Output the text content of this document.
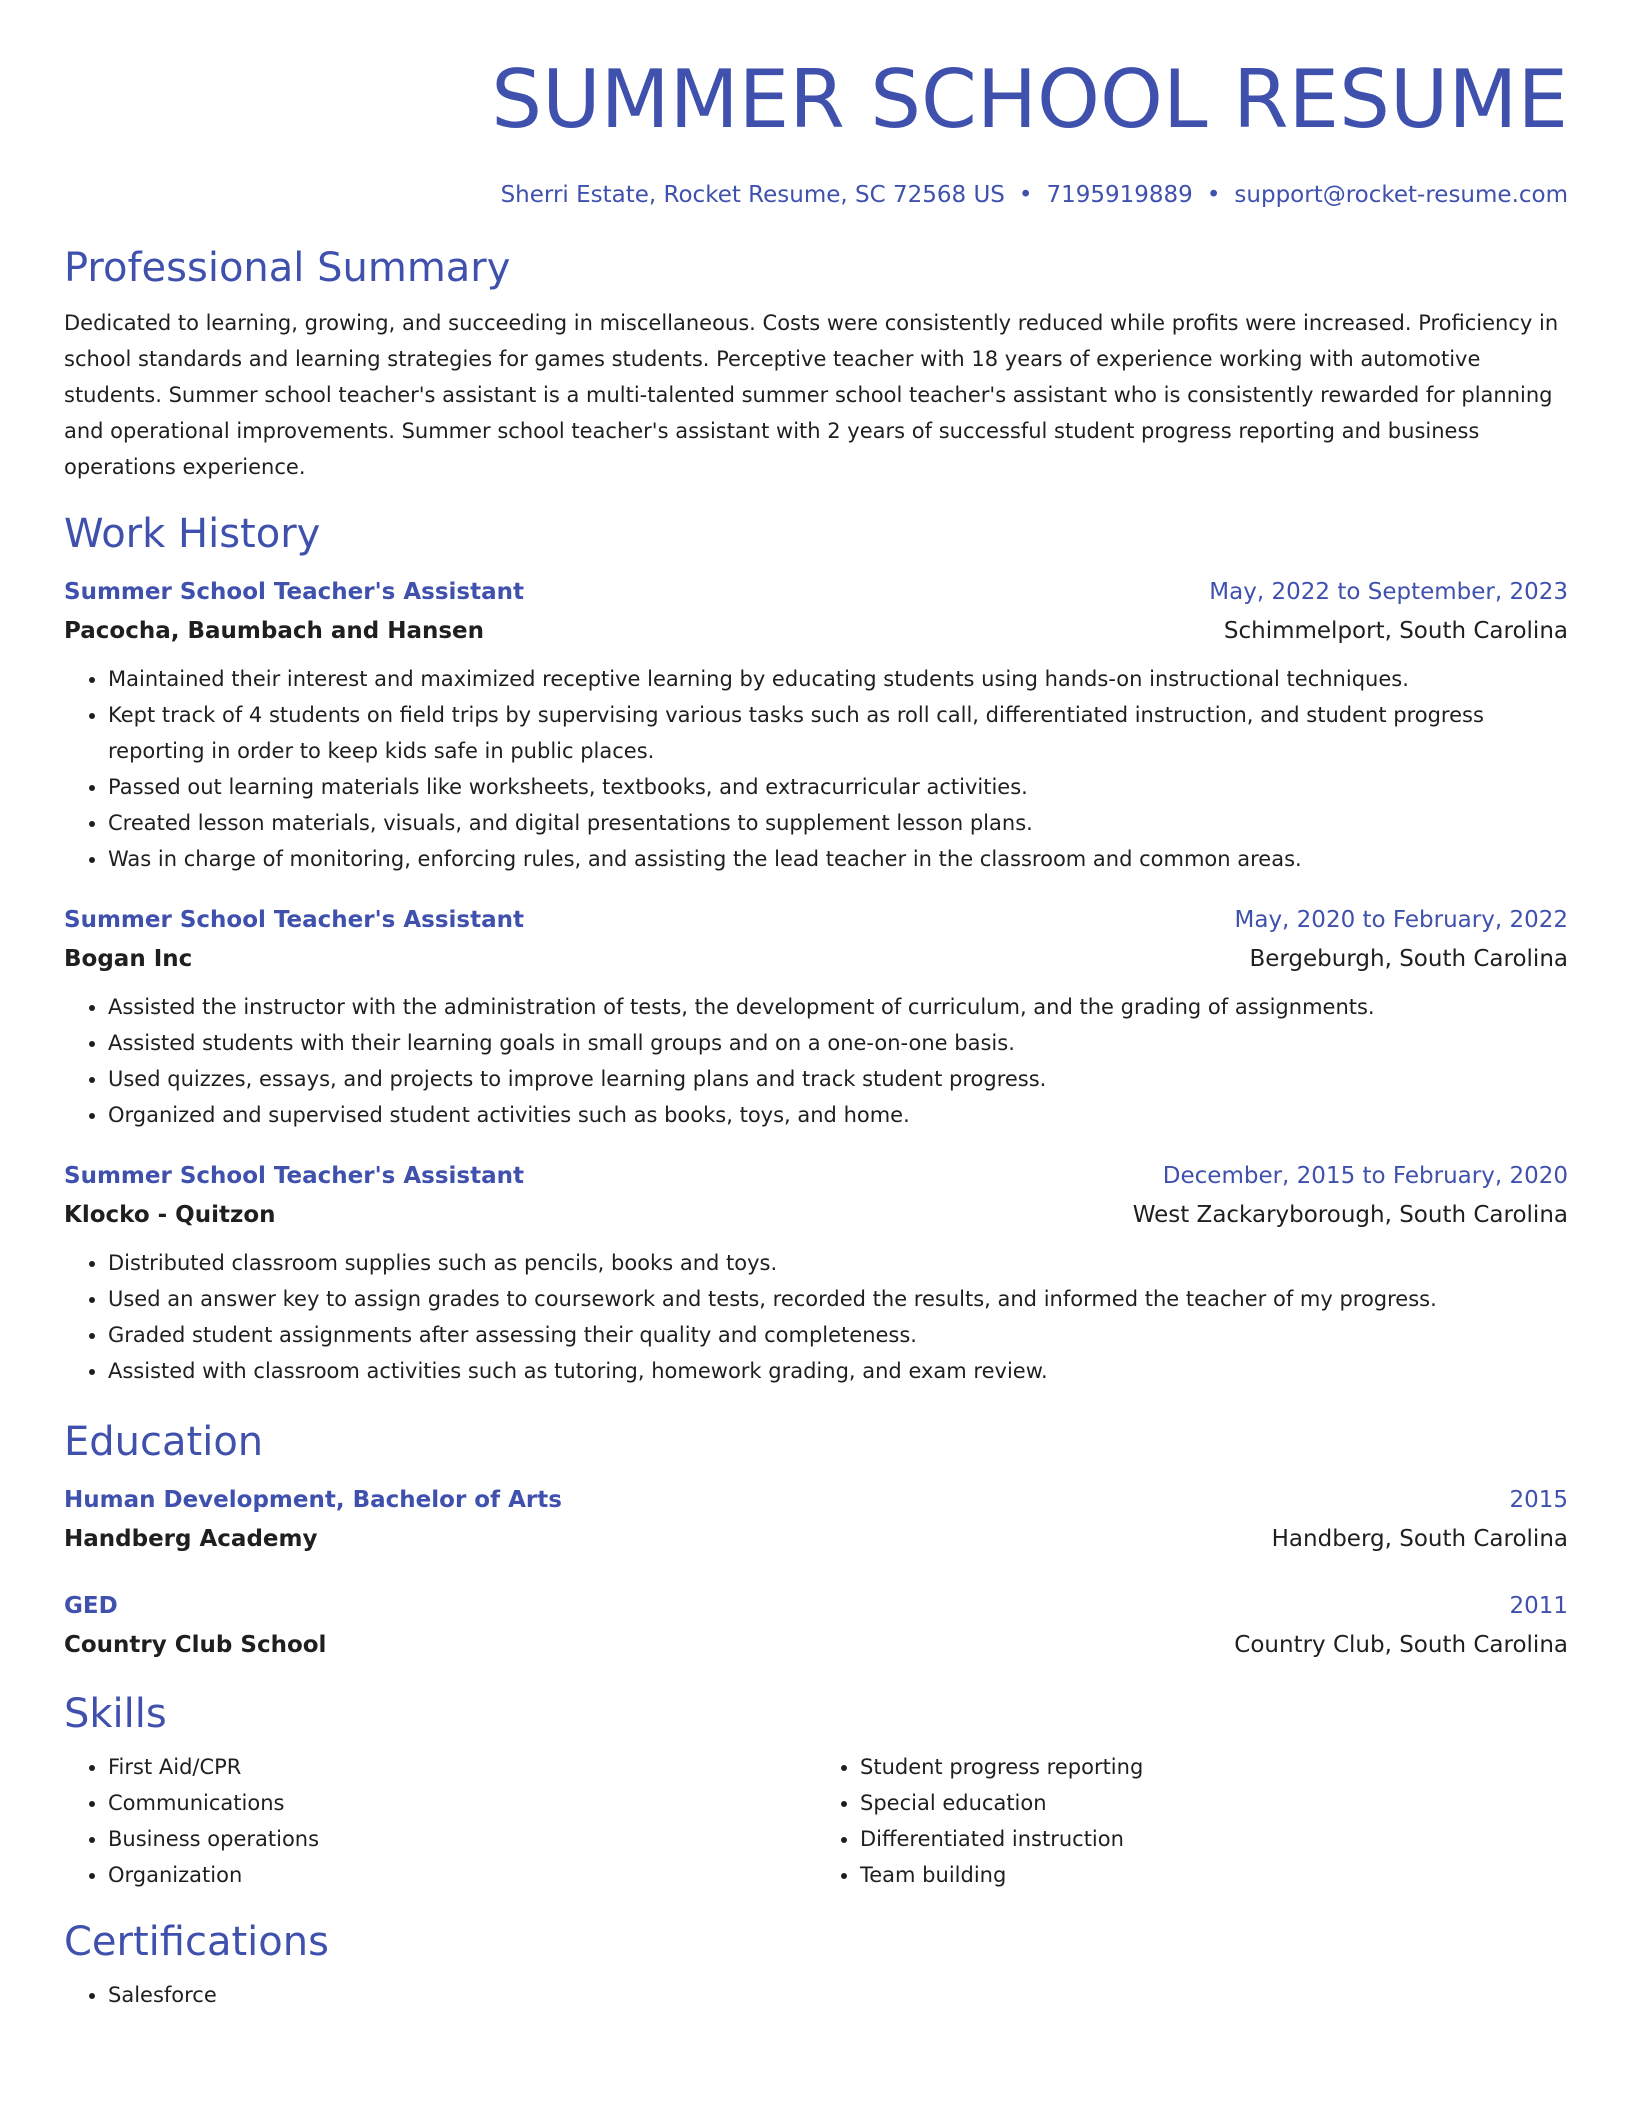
SUMMER SCHOOL RESUME
Sherri Estate, Rocket Resume, SC 72568 US • 7195919889 • support@rocket-resume.com
Professional Summary
Dedicated to learning, growing, and succeeding in miscellaneous. Costs were consistently reduced while profits were increased. Proficiency in school standards and learning strategies for games students. Perceptive teacher with 18 years of experience working with automotive students. Summer school teacher's assistant is a multi-talented summer school teacher's assistant who is consistently rewarded for planning and operational improvements. Summer school teacher's assistant with 2 years of successful student progress reporting and business operations experience.
Work History
Summer School Teacher's Assistant	May, 2022 to September, 2023
Pacocha, Baumbach and Hansen	Schimmelport, South Carolina
• Maintained their interest and maximized receptive learning by educating students using hands-on instructional techniques.
• Kept track of 4 students on field trips by supervising various tasks such as roll call, differentiated instruction, and student progress reporting in order to keep kids safe in public places.
• Passed out learning materials like worksheets, textbooks, and extracurricular activities.
• Created lesson materials, visuals, and digital presentations to supplement lesson plans.
• Was in charge of monitoring, enforcing rules, and assisting the lead teacher in the classroom and common areas.
Summer School Teacher's Assistant	May, 2020 to February, 2022
Bogan Inc	Bergeburgh, South Carolina
• Assisted the instructor with the administration of tests, the development of curriculum, and the grading of assignments.
• Assisted students with their learning goals in small groups and on a one-on-one basis.
• Used quizzes, essays, and projects to improve learning plans and track student progress.
• Organized and supervised student activities such as books, toys, and home.
Summer School Teacher's Assistant	December, 2015 to February, 2020
Klocko - Quitzon	West Zackaryborough, South Carolina
• Distributed classroom supplies such as pencils, books and toys.
• Used an answer key to assign grades to coursework and tests, recorded the results, and informed the teacher of my progress.
• Graded student assignments after assessing their quality and completeness.
• Assisted with classroom activities such as tutoring, homework grading, and exam review.
Education
Human Development, Bachelor of Arts	2015
Handberg Academy	Handberg, South Carolina
GED	2011
Country Club School	Country Club, South Carolina
Skills
• First Aid/CPR
• Communications
• Business operations
• Organization
• Student progress reporting
• Special education
• Differentiated instruction
• Team building
Certifications
• Salesforce
